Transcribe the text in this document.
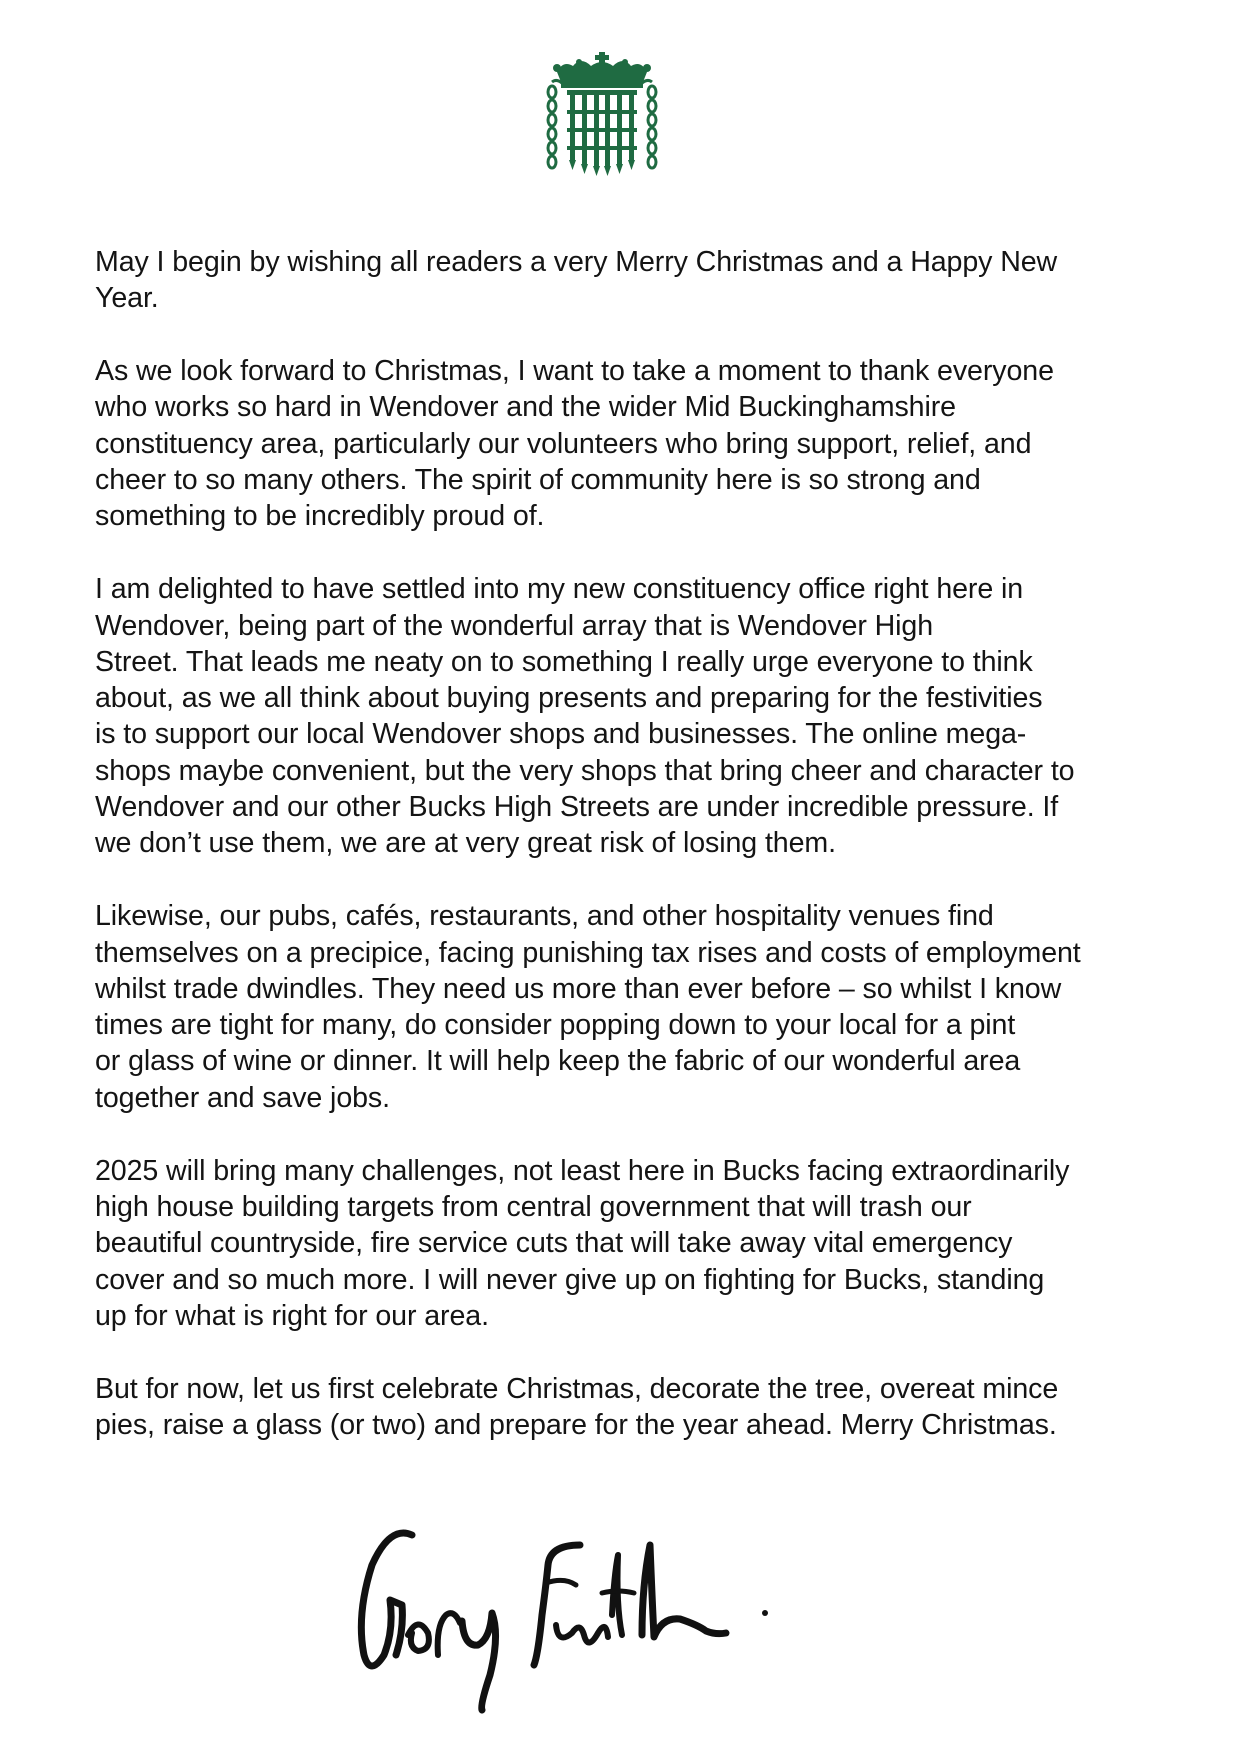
May I begin by wishing all readers a very Merry Christmas and a Happy New
Year.

As we look forward to Christmas, I want to take a moment to thank everyone
who works so hard in Wendover and the wider Mid Buckinghamshire
constituency area, particularly our volunteers who bring support, relief, and
cheer to so many others. The spirit of community here is so strong and
something to be incredibly proud of.

I am delighted to have settled into my new constituency office right here in
Wendover, being part of the wonderful array that is Wendover High
Street. That leads me neaty on to something I really urge everyone to think
about, as we all think about buying presents and preparing for the festivities
is to support our local Wendover shops and businesses. The online mega-
shops maybe convenient, but the very shops that bring cheer and character to
Wendover and our other Bucks High Streets are under incredible pressure. If
we don’t use them, we are at very great risk of losing them.

Likewise, our pubs, cafés, restaurants, and other hospitality venues find
themselves on a precipice, facing punishing tax rises and costs of employment
whilst trade dwindles. They need us more than ever before – so whilst I know
times are tight for many, do consider popping down to your local for a pint
or glass of wine or dinner. It will help keep the fabric of our wonderful area
together and save jobs.

2025 will bring many challenges, not least here in Bucks facing extraordinarily
high house building targets from central government that will trash our
beautiful countryside, fire service cuts that will take away vital emergency
cover and so much more. I will never give up on fighting for Bucks, standing
up for what is right for our area.

But for now, let us first celebrate Christmas, decorate the tree, overeat mince
pies, raise a glass (or two) and prepare for the year ahead. Merry Christmas.
